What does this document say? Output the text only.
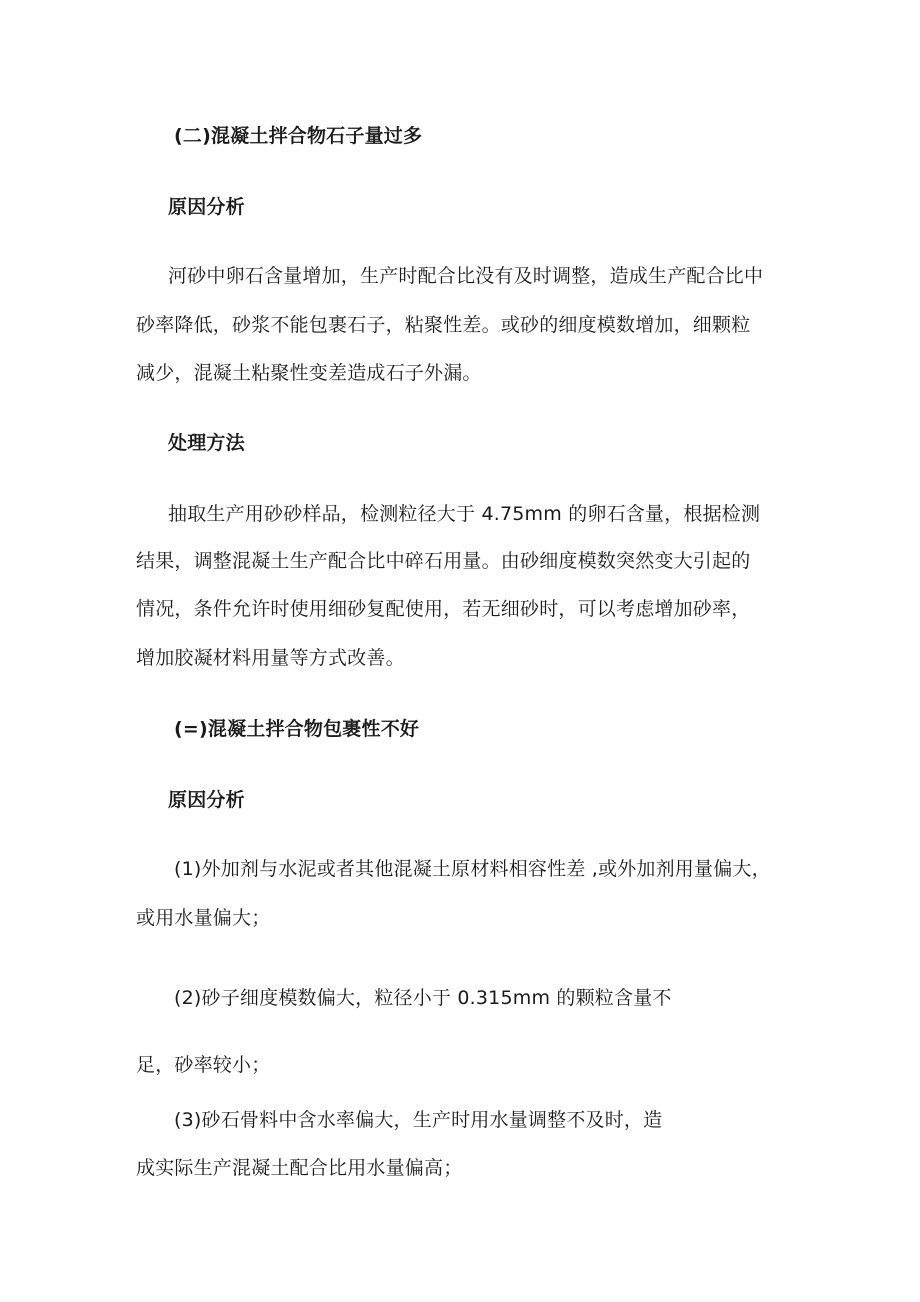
(二)混凝土拌合物石子量过多
原因分析
河砂中卵石含量增加，生产时配合比没有及时调整，造成生产配合比中
砂率降低，砂浆不能包裹石子，粘聚性差。或砂的细度模数增加，细颗粒
减少，混凝土粘聚性变差造成石子外漏。
处理方法
抽取生产用砂砂样品，检测粒径大于 4.75mm 的卵石含量，根据检测
结果，调整混凝土生产配合比中碎石用量。由砂细度模数突然变大引起的
情况，条件允许时使用细砂复配使用，若无细砂时，可以考虑增加砂率，
增加胶凝材料用量等方式改善。
(=)混凝土拌合物包裹性不好
原因分析
(1)外加剂与水泥或者其他混凝土原材料相容性差 ,或外加剂用量偏大，
或用水量偏大；
(2)砂子细度模数偏大，粒径小于 0.315mm 的颗粒含量不
足，砂率较小；
(3)砂石骨料中含水率偏大，生产时用水量调整不及时，造
成实际生产混凝土配合比用水量偏高；
